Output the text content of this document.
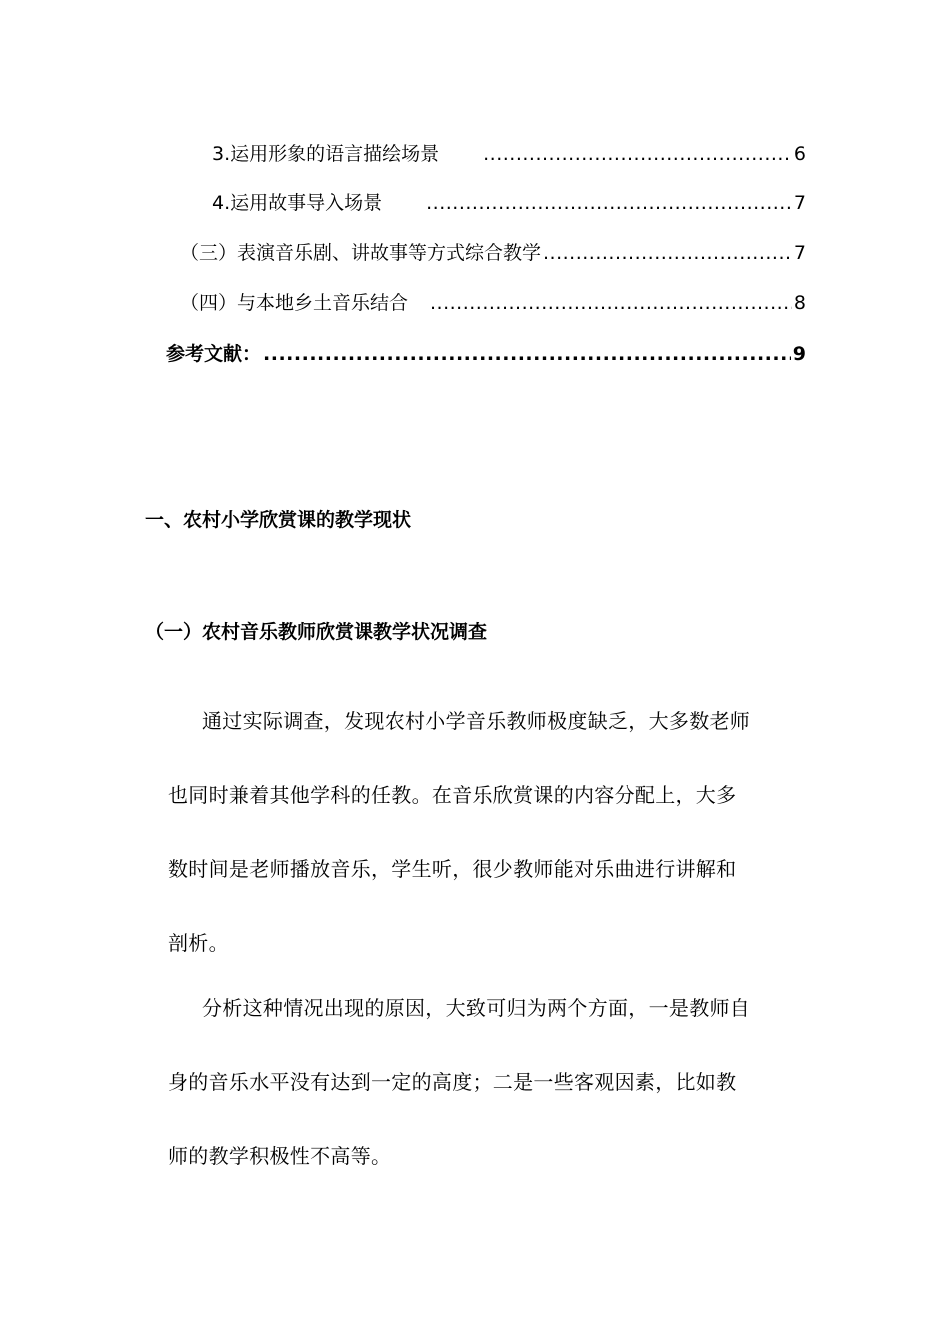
3.运用形象的语言描绘场景 .....	6
4.运用故事导入场景 .....	7
（三）表演音乐剧、讲故事等方式综合教学 .....	7
（四）与本地乡土音乐结合 .....	8
参考文献： .....	9
一、农村小学欣赏课的教学现状
（一）农村音乐教师欣赏课教学状况调查
通过实际调查，发现农村小学音乐教师极度缺乏，大多数老师
也同时兼着其他学科的任教。在音乐欣赏课的内容分配上，大多
数时间是老师播放音乐，学生听，很少教师能对乐曲进行讲解和
剖析。
分析这种情况出现的原因，大致可归为两个方面，一是教师自
身的音乐水平没有达到一定的高度；二是一些客观因素，比如教
师的教学积极性不高等。
